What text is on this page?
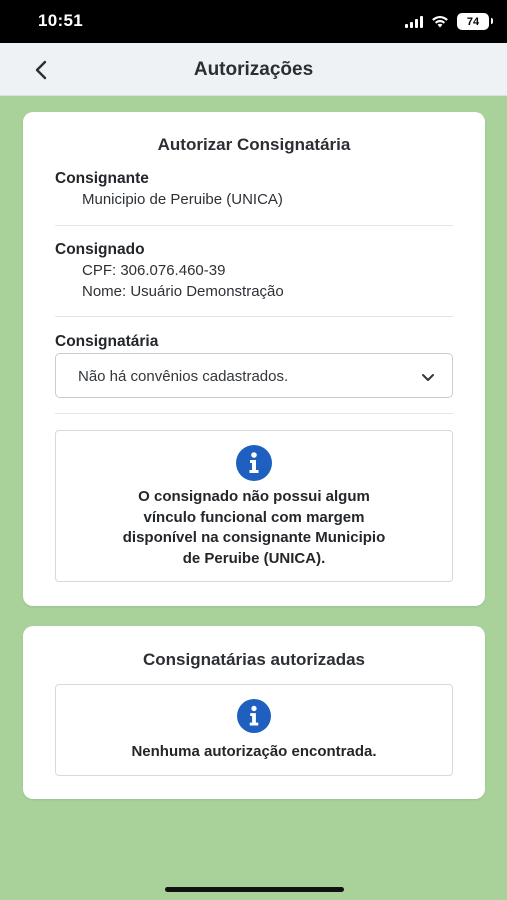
10:51	74
Autorizações
Autorizar Consignatária
Consignante
Municipio de Peruibe (UNICA)
Consignado
CPF: 306.076.460-39
Nome: Usuário Demonstração
Consignatária
Não há convênios cadastrados.
O consignado não possui algum
vínculo funcional com margem
disponível na consignante Municipio
de Peruibe (UNICA).
Consignatárias autorizadas
Nenhuma autorização encontrada.
